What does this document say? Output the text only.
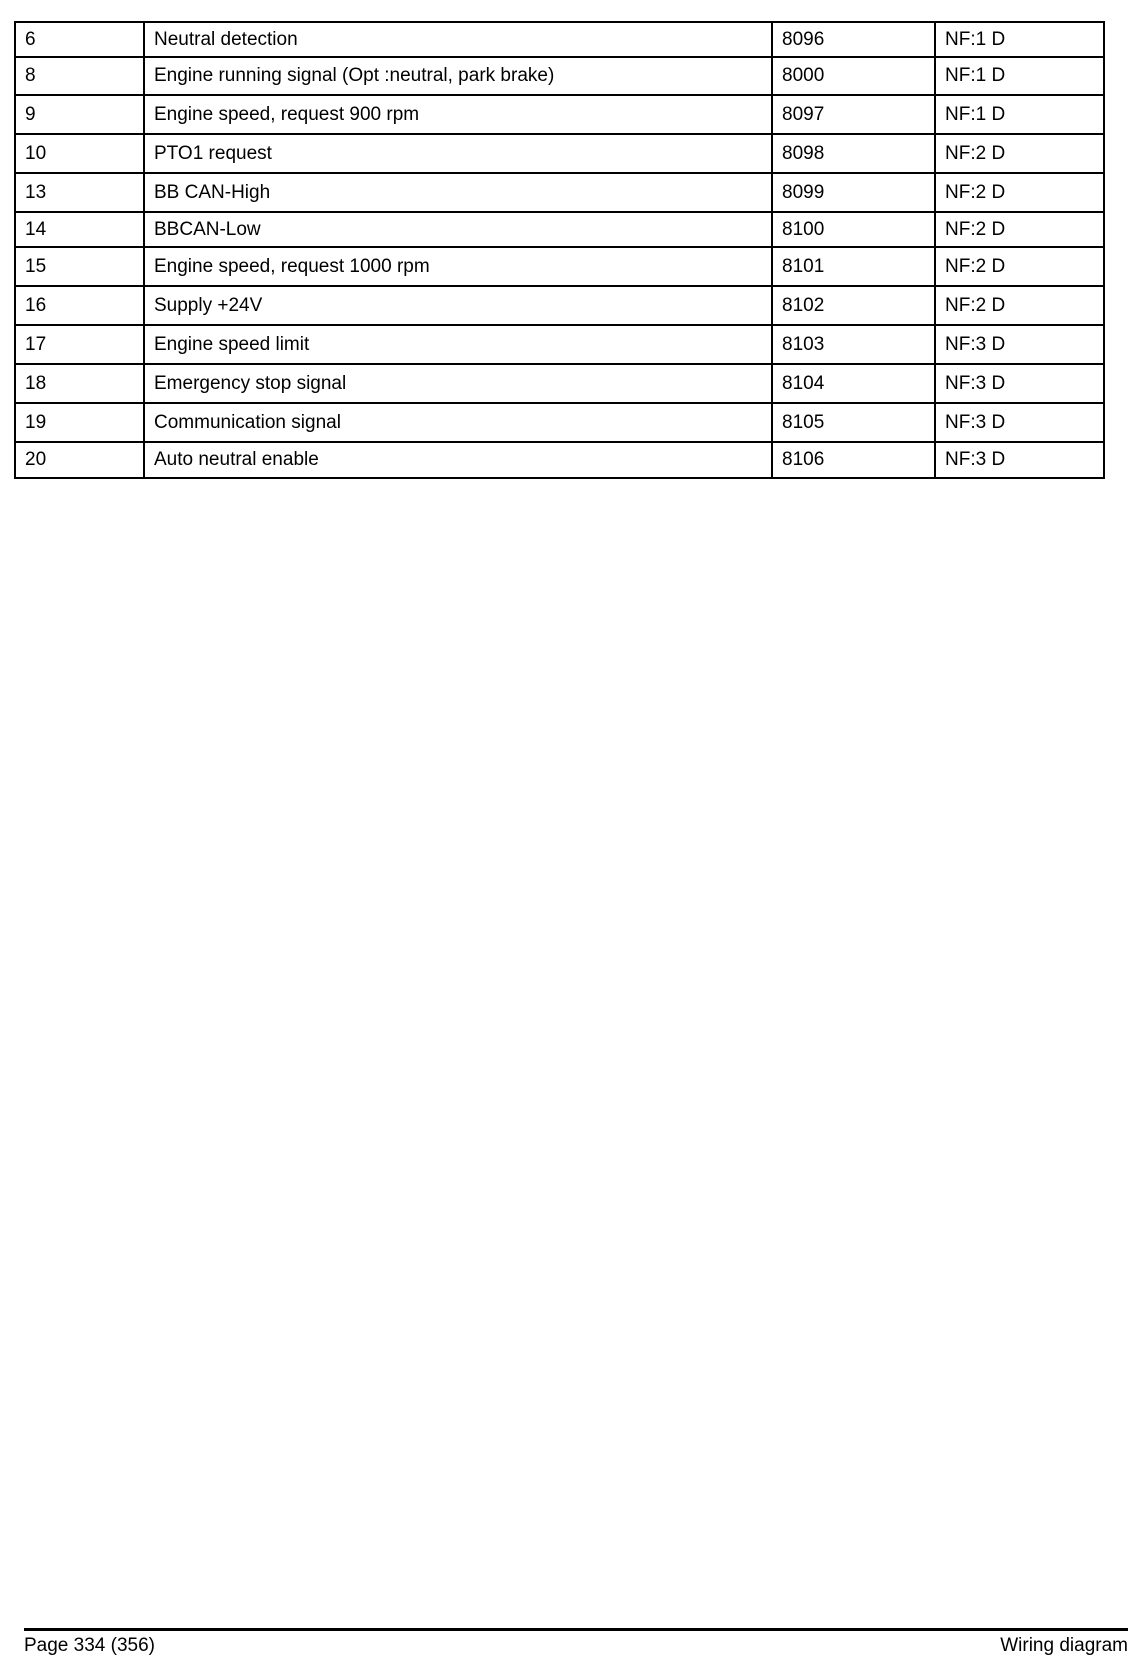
6	Neutral detection	8096	NF:1 D
8	Engine running signal (Opt :neutral, park brake)	8000	NF:1 D
9	Engine speed, request 900 rpm	8097	NF:1 D
10	PTO1 request	8098	NF:2 D
13	BB CAN-High	8099	NF:2 D
14	BBCAN-Low	8100	NF:2 D
15	Engine speed, request 1000 rpm	8101	NF:2 D
16	Supply +24V	8102	NF:2 D
17	Engine speed limit	8103	NF:3 D
18	Emergency stop signal	8104	NF:3 D
19	Communication signal	8105	NF:3 D
20	Auto neutral enable	8106	NF:3 D
Page 334 (356)	Wiring diagram
